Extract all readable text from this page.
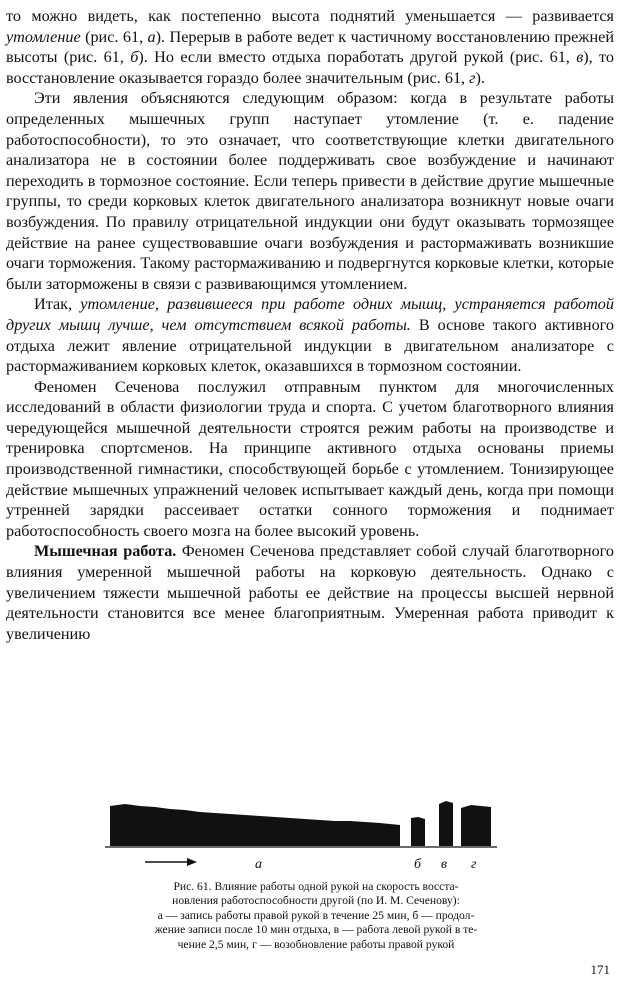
то можно видеть, как постепенно высота поднятий уменьшается — развивается утомление (рис. 61, а). Перерыв в работе ведет к частичному восстановлению прежней высоты (рис. 61, б). Но если вместо отдыха поработать другой рукой (рис. 61, в), то восстановление оказывается гораздо более значительным (рис. 61, г).

Эти явления объясняются следующим образом: когда в результате работы определенных мышечных групп наступает утомление (т. е. падение работоспособности), то это означает, что соответствующие клетки двигательного анализатора не в состоянии более поддерживать свое возбуждение и начинают переходить в тормозное состояние. Если теперь привести в действие другие мышечные группы, то среди корковых клеток двигательного анализатора возникнут новые очаги возбуждения. По правилу отрицательной индукции они будут оказывать тормозящее действие на ранее существовавшие очаги возбуждения и растормаживать возникшие очаги торможения. Такому растормаживанию и подвергнутся корковые клетки, которые были заторможены в связи с развивающимся утомлением.

Итак, утомление, развившееся при работе одних мышц, устраняется работой других мышц лучше, чем отсутствием всякой работы. В основе такого активного отдыха лежит явление отрицательной индукции в двигательном анализаторе с растормаживанием корковых клеток, оказавшихся в тормозном состоянии.

Феномен Сеченова послужил отправным пунктом для многочисленных исследований в области физиологии труда и спорта. С учетом благотворного влияния чередующейся мышечной деятельности строятся режим работы на производстве и тренировка спортсменов. На принципе активного отдыха основаны приемы производственной гимнастики, способствующей борьбе с утомлением. Тонизирующее действие мышечных упражнений человек испытывает каждый день, когда при помощи утренней зарядки рассеивает остатки сонного торможения и поднимает работоспособность своего мозга на более высокий уровень.

Мышечная работа. Феномен Сеченова представляет собой случай благотворного влияния умеренной мышечной работы на корковую деятельность. Однако с увеличением тяжести мышечной работы ее действие на процессы высшей нервной деятельности становится все менее благоприятным. Умеренная работа приводит к увеличению

а	б в г
Рис. 61. Влияние работы одной рукой на скорость восста-
новления работоспособности другой (по И. М. Сеченову):
а — запись работы правой рукой в течение 25 мин, б — продол-
жение записи после 10 мин отдыха, в — работа левой рукой в те-
чение 2,5 мин, г — возобновление работы правой рукой
171
